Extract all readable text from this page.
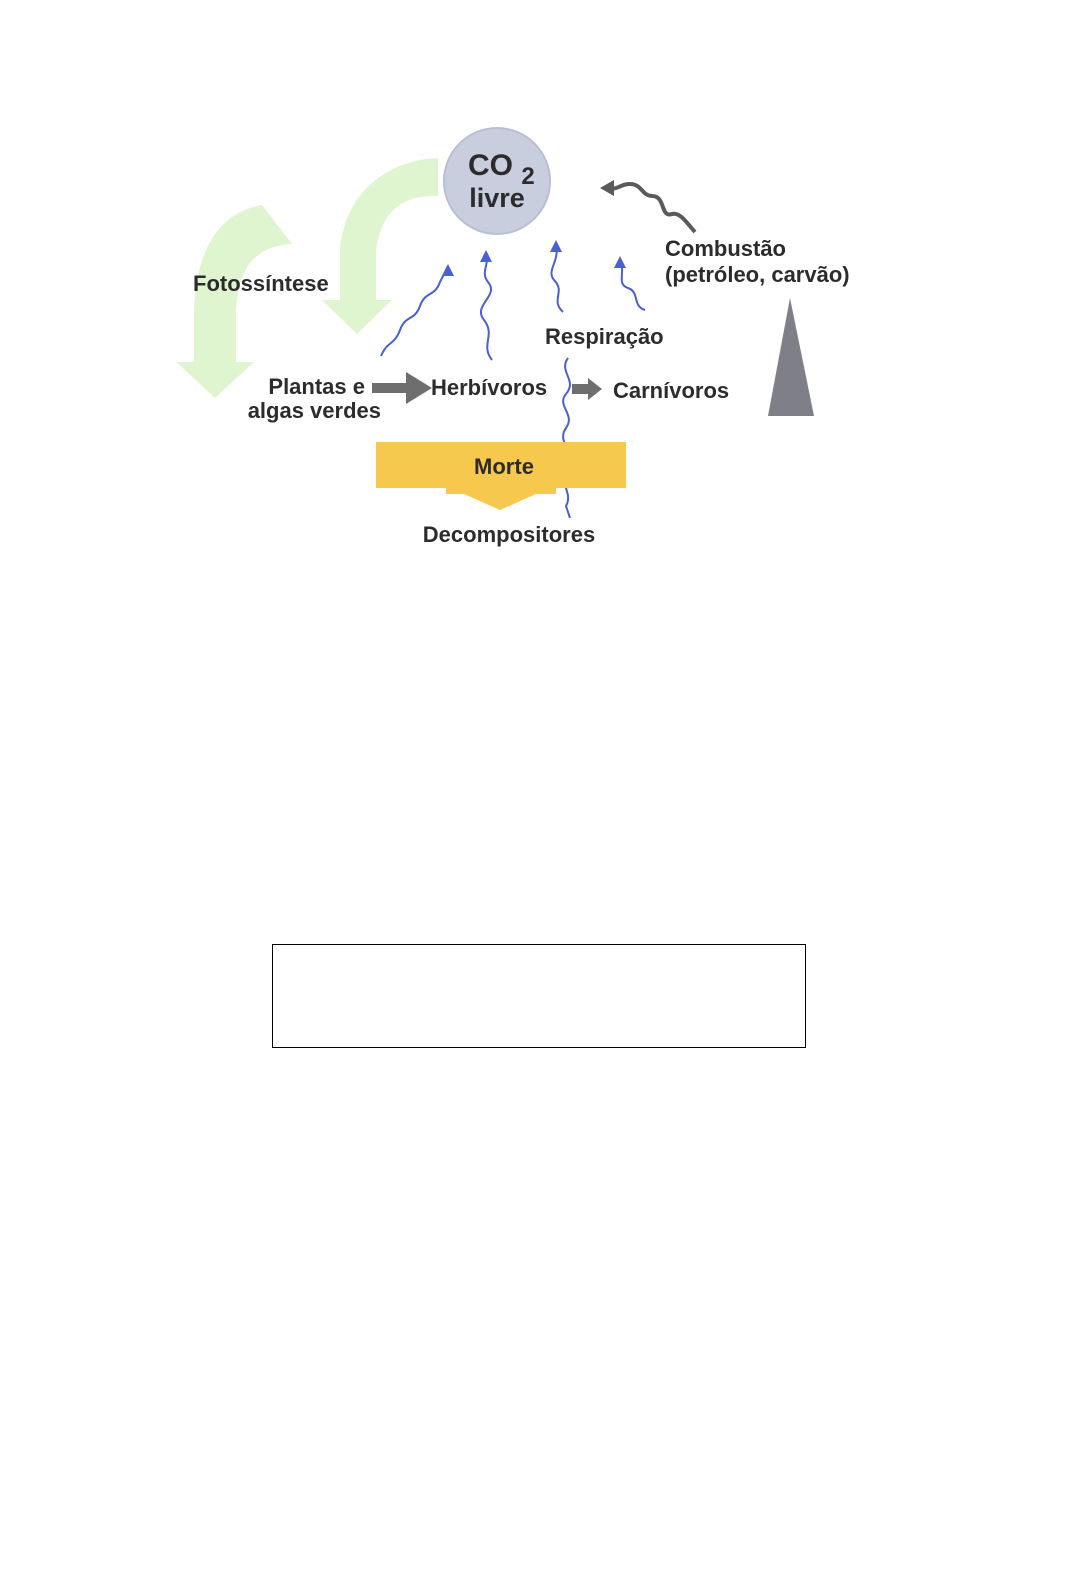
CO $_2$
livre
Fotossíntese
Plantas e
algas verdes
Herbívoros	Carnívoros
Respiração
Combustão
(petróleo, carvão)
Morte
Decompositores
